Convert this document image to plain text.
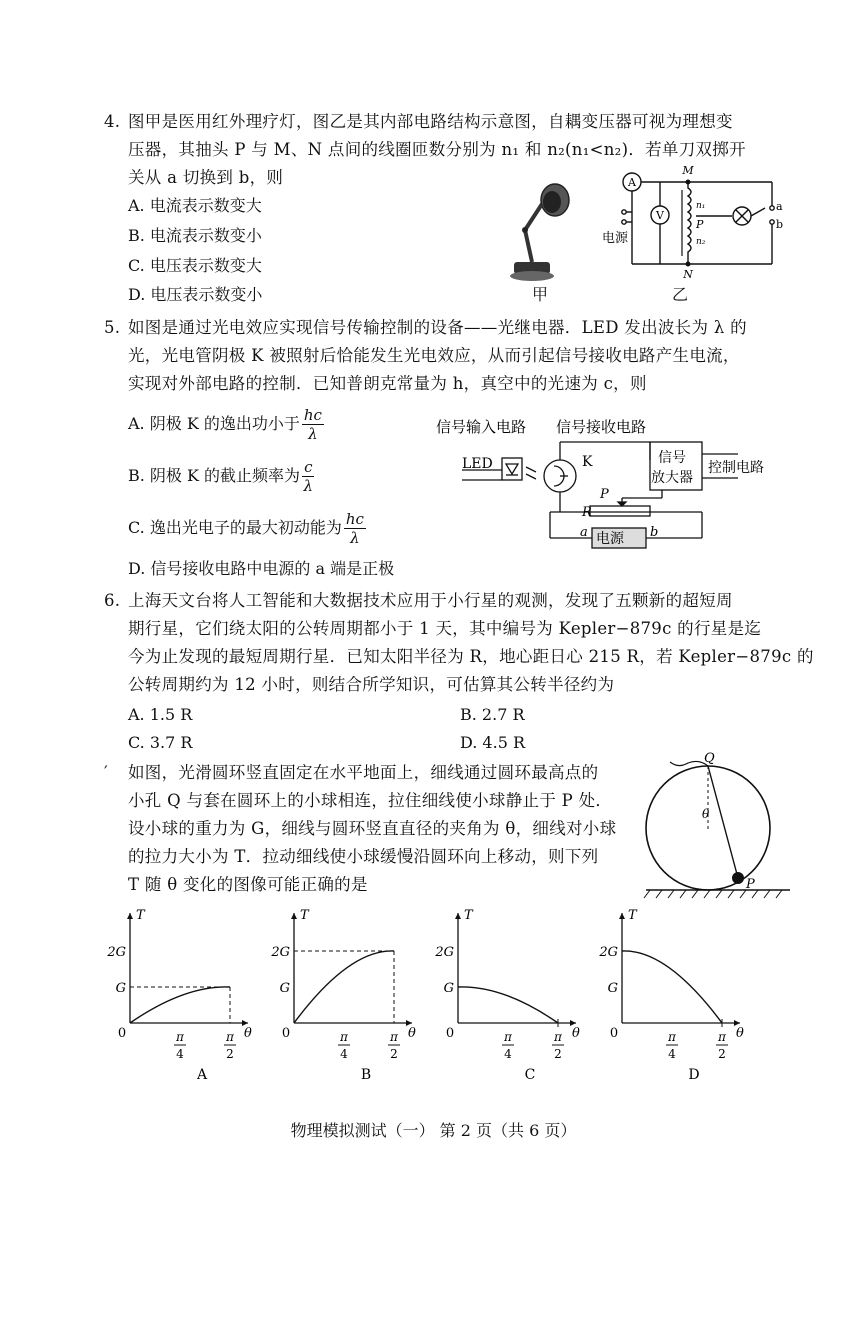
4. 图甲是医用红外理疗灯，图乙是其内部电路结构示意图，自耦变压器可视为理想变
压器，其抽头 P 与 M、N 点间的线圈匝数分别为 n₁ 和 n₂(n₁<n₂)．若单刀双掷开
关从 a 切换到 b，则
A. 电流表示数变大
B. 电流表示数变小
C. 电压表示数变大
D. 电压表示数变小	甲
A
V
M
N
n₁
P
n₂
a
b
电源
乙
5. 如图是通过光电效应实现信号传输控制的设备——光继电器．LED 发出波长为 λ 的
光，光电管阴极 K 被照射后恰能发生光电效应，从而引起信号接收电路产生电流，
实现对外部电路的控制．已知普朗克常量为 h，真空中的光速为 c，则
A. 阴极 K 的逸出功小于 $\frac{hc}{\lambda}$
B. 阴极 K 的截止频率为 $\frac{c}{\lambda}$
C. 逸出光电子的最大初动能为 $\frac{hc}{\lambda}$
D. 信号接收电路中电源的 a 端是正极
信号输入电路 信号接收电路
LED	K	信号
放大器
控制电路
P
R
电源
a	b
6. 上海天文台将人工智能和大数据技术应用于小行星的观测，发现了五颗新的超短周
期行星，它们绕太阳的公转周期都小于 1 天，其中编号为 Kepler−879c 的行星是迄
今为止发现的最短周期行星．已知太阳半径为 R，地心距日心 215 R，若 Kepler−879c 的
公转周期约为 12 小时，则结合所学知识，可估算其公转半径约为
A. 1.5 R	B. 2.7 R
C. 3.7 R	D. 4.5 R
′ 如图，光滑圆环竖直固定在水平地面上，细线通过圆环最高点的
小孔 Q 与套在圆环上的小球相连，拉住细线使小球静止于 P 处．
设小球的重力为 G，细线与圆环竖直直径的夹角为 θ，细线对小球
的拉力大小为 T．拉动细线使小球缓慢沿圆环向上移动，则下列
T 随 θ 变化的图像可能正确的是
Q
P
θ
T
θ
0
G
2G
π
4
π
2
A
T
θ
0
G
2G
π
4
π
2
B
T
θ
0
G
2G
π
4
π
2
C
T
θ
0
G
2G
π
4
π
2
D
物理模拟测试（一） 第 2 页（共 6 页）
